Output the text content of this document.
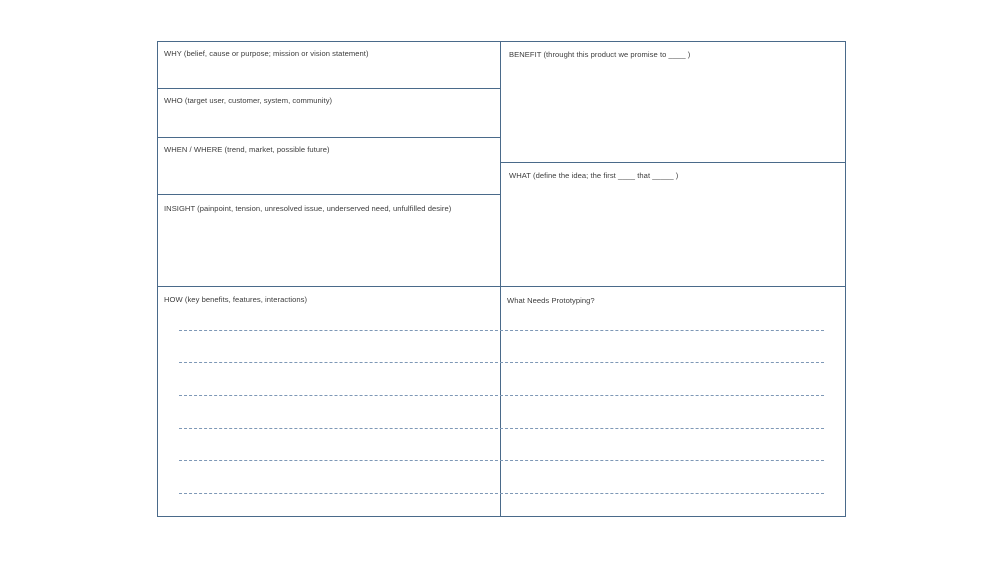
WHY (belief, cause or purpose; mission or vision statement)
WHO (target user, customer, system, community)
WHEN / WHERE (trend, market, possible future)
INSIGHT (painpoint, tension, unresolved issue, underserved need, unfulfilled desire)
BENEFIT (throught this product we promise to ____ )
WHAT (define the idea; the first ____ that _____ )
HOW (key benefits, features, interactions)	What Needs Prototyping?
